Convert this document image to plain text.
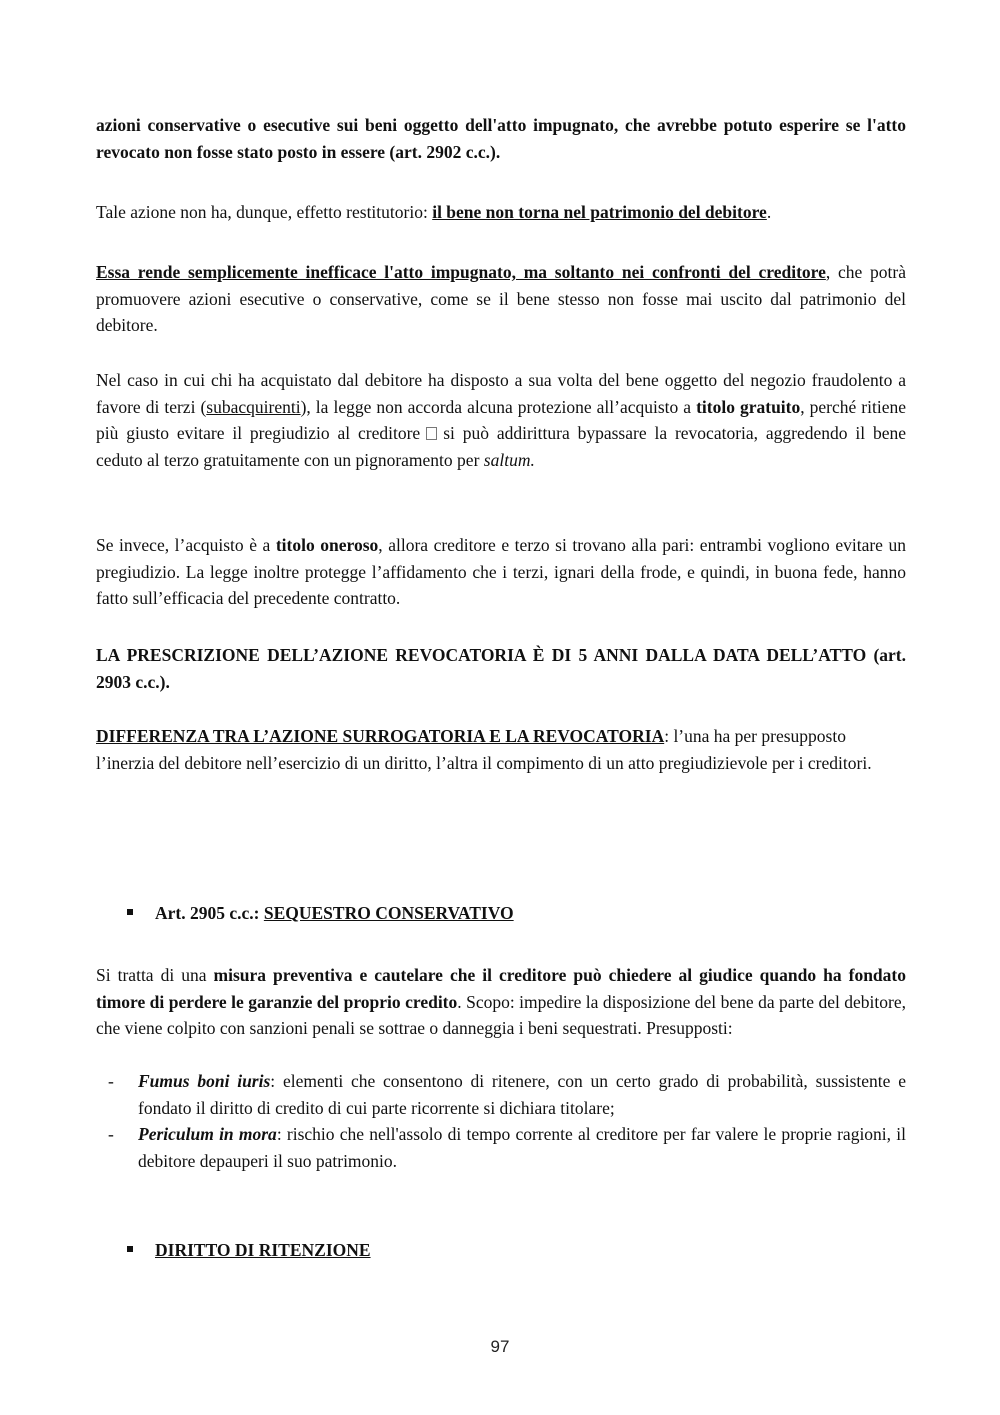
azioni conservative o esecutive sui beni oggetto dell'atto impugnato, che avrebbe potuto esperire se l'atto revocato non fosse stato posto in essere (art. 2902 c.c.).

Tale azione non ha, dunque, effetto restitutorio: il bene non torna nel patrimonio del debitore.

Essa rende semplicemente inefficace l'atto impugnato, ma soltanto nei confronti del creditore, che potrà promuovere azioni esecutive o conservative, come se il bene stesso non fosse mai uscito dal patrimonio del debitore.

Nel caso in cui chi ha acquistato dal debitore ha disposto a sua volta del bene oggetto del negozio fraudolento a favore di terzi (subacquirenti), la legge non accorda alcuna protezione all’acquisto a titolo gratuito, perché ritiene più giusto evitare il pregiudizio al creditore si può addirittura bypassare la revocatoria, aggredendo il bene ceduto al terzo gratuitamente con un pignoramento per saltum.

Se invece, l’acquisto è a titolo oneroso, allora creditore e terzo si trovano alla pari: entrambi vogliono evitare un pregiudizio. La legge inoltre protegge l’affidamento che i terzi, ignari della frode, e quindi, in buona fede, hanno fatto sull’efficacia del precedente contratto.

LA PRESCRIZIONE DELL’AZIONE REVOCATORIA È DI 5 ANNI DALLA DATA DELL’ATTO (art. 2903 c.c.).

DIFFERENZA TRA L’AZIONE SURROGATORIA E LA REVOCATORIA: l’una ha per presupposto
l’inerzia del debitore nell’esercizio di un diritto, l’altra il compimento di un atto pregiudizievole per i creditori.

Art. 2905 c.c.: SEQUESTRO CONSERVATIVO

Si tratta di una misura preventiva e cautelare che il creditore può chiedere al giudice quando ha fondato timore di perdere le garanzie del proprio credito. Scopo: impedire la disposizione del bene da parte del debitore, che viene colpito con sanzioni penali se sottrae o danneggia i beni sequestrati. Presupposti:

- Fumus boni iuris: elementi che consentono di ritenere, con un certo grado di probabilità, sussistente e fondato il diritto di credito di cui parte ricorrente si dichiara titolare;
- Periculum in mora: rischio che nell'assolo di tempo corrente al creditore per far valere le proprie ragioni, il debitore depauperi il suo patrimonio.

DIRITTO DI RITENZIONE

97
